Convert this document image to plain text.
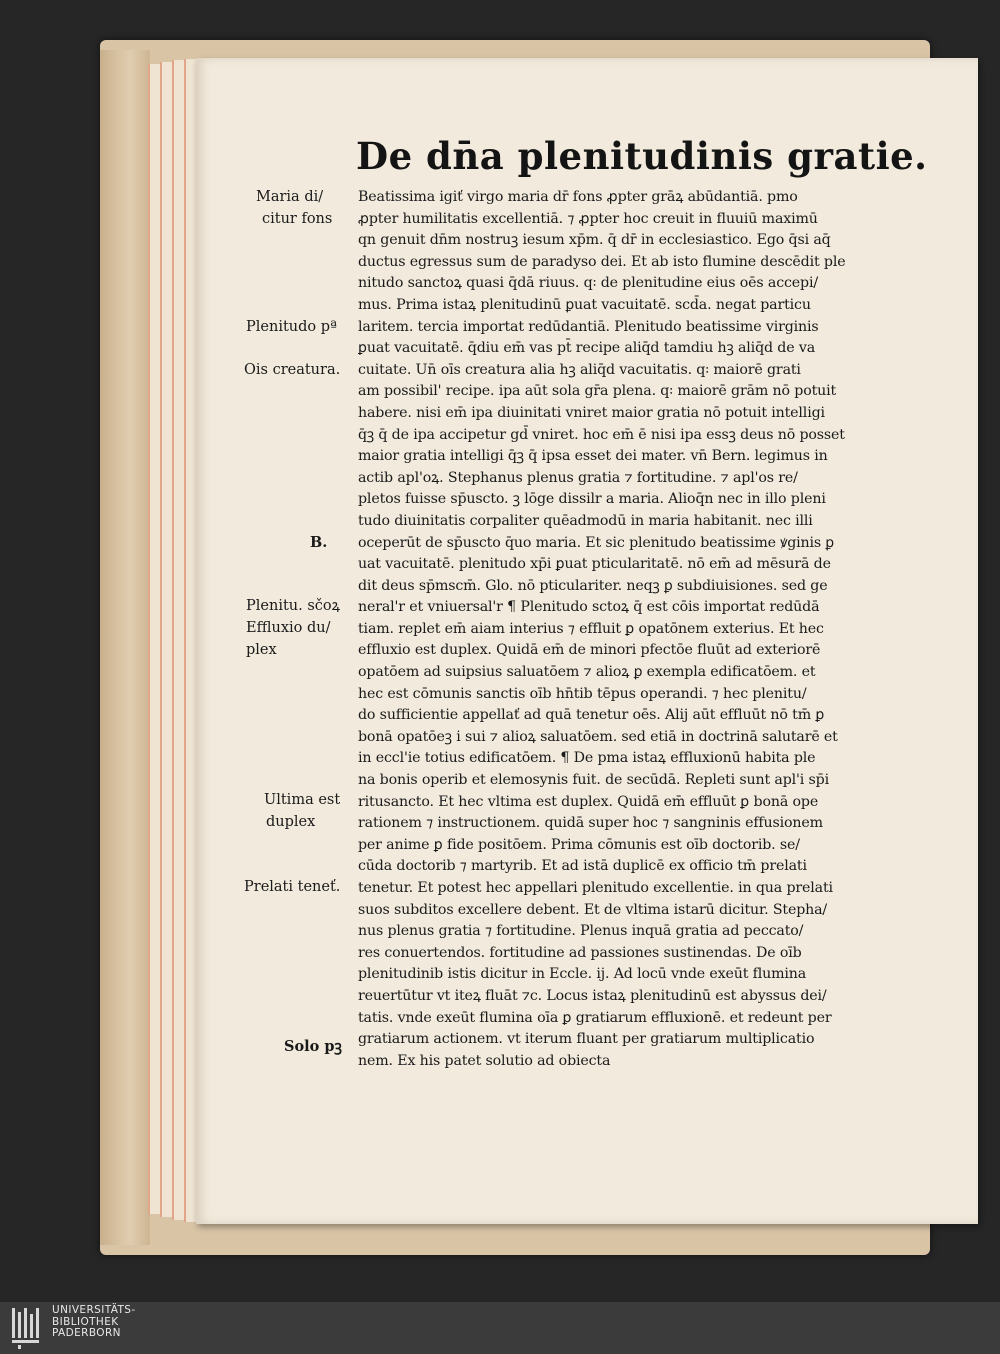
De dn̄a plenitudinis gratie.
Maria di/
citur fons
Plenitudo pª
Ois creatura.
B.
Plenitu. sčoꝝ
Effluxio du/
plex
Ultima est
duplex
Prelati teneť.
Solo pꝫ
Beatissima igiť virgo maria dr̄ fons ꝓpter grāꝝ abūdantiā. pmo
ꝓpter humilitatis excellentiā. ⁊ ꝓpter hoc creuit in fluuiū maximū
qn genuit dn̄m nostruꝫ iesum xp̄m. q̄ dr̄ in ecclesiastico. Ego q̄si aq̄
ductus egressus sum de paradyso dei. Et ab isto flumine descēdit ple
nitudo sanctoꝝ quasi q̄dā riuus. q꞉ de plenitudine eius oēs accepi/
mus. Prima istaꝝ plenitudinū ꝑuat vacuitatē. scd̄a. negat particu
laritem. tercia importat redūdantiā. Plenitudo beatissime virginis
ꝑuat vacuitatē. q̄diu em̄ vas pt̄ recipe aliq̄d tamdiu hꝫ aliq̄d de va
cuitate. Un̄ oīs creatura alia hꝫ aliq̄d vacuitatis. q꞉ maiorē grati
am possibil' recipe. ipa aūt sola gr̄a plena. q꞉ maiorē grām nō potuit
habere. nisi em̄ ipa diuinitati vniret maior gratia nō potuit intelligi
q̄ꝫ q̄ de ipa accipetur gd̄ vniret. hoc em̄ ē nisi ipa essꝫ deus nō posset
maior gratia intelligi q̄ꝫ q̄ ipsa esset dei mater. vn̄ Bern. legimus in
actib apl'oꝝ. Stephanus plenus gratia ⁊ fortitudine. ⁊ apl'os re/
pletos fuisse sp̄uscto. ꝫ lōge dissilr a maria. Alioq̄n nec in illo pleni
tudo diuinitatis corpaliter quēadmodū in maria habitanit. nec illi
oceperūt de sp̄uscto q̄uo maria. Et sic plenitudo beatissime ꝟginis ꝑ
uat vacuitatē. plenitudo xp̄i ꝑuat pticularitatē. nō em̄ ad mēsurā de
dit deus sp̄mscm̄. Glo. nō pticulariter. neqꝫ ꝑ subdiuisiones. sed ge
neral'r et vniuersal'r ¶ Plenitudo sctoꝝ q̄ est cōis importat redūdā
tiam. replet em̄ aiam interius ⁊ effluit ꝑ opatōnem exterius. Et hec
effluxio est duplex. Quidā em̄ de minori pfectōe fluūt ad exteriorē
opatōem ad suipsius saluatōem ⁊ alioꝝ ꝑ exempla edificatōem. et
hec est cōmunis sanctis oīb hn̄tib tēpus operandi. ⁊ hec plenitu/
do sufficientie appellať ad quā tenetur oēs. Alij aūt effluūt nō tm̄ ꝑ
bonā opatōeꝫ i sui ⁊ alioꝝ saluatōem. sed etiā in doctrinā salutarē et
in eccl'ie totius edificatōem. ¶ De pma istaꝝ effluxionū habita ple
na bonis operib et elemosynis fuit. de secūdā. Repleti sunt apl'i sp̄i
ritusancto. Et hec vltima est duplex. Quidā em̄ effluūt ꝑ bonā ope
rationem ⁊ instructionem. quidā super hoc ⁊ sangninis effusionem
per anime ꝑ fide positōem. Prima cōmunis est oīb doctorib. se/
cūda doctorib ⁊ martyrib. Et ad istā duplicē ex officio tm̄ prelati
tenetur. Et potest hec appellari plenitudo excellentie. in qua prelati
suos subditos excellere debent. Et de vltima istarū dicitur. Stepha/
nus plenus gratia ⁊ fortitudine. Plenus inquā gratia ad peccato/
res conuertendos. fortitudine ad passiones sustinendas. De oīb
plenitudinib istis dicitur in Eccle. ij. Ad locū vnde exeūt flumina
reuertūtur vt iteꝝ fluāt ⁊c. Locus istaꝝ plenitudinū est abyssus dei/
tatis. vnde exeūt flumina oīa ꝑ gratiarum effluxionē. et redeunt per
gratiarum actionem. vt iterum fluant per gratiarum multiplicatio
nem. Ex his patet solutio ad obiecta
UNIVERSITÄTS-
BIBLIOTHEK
PADERBORN
